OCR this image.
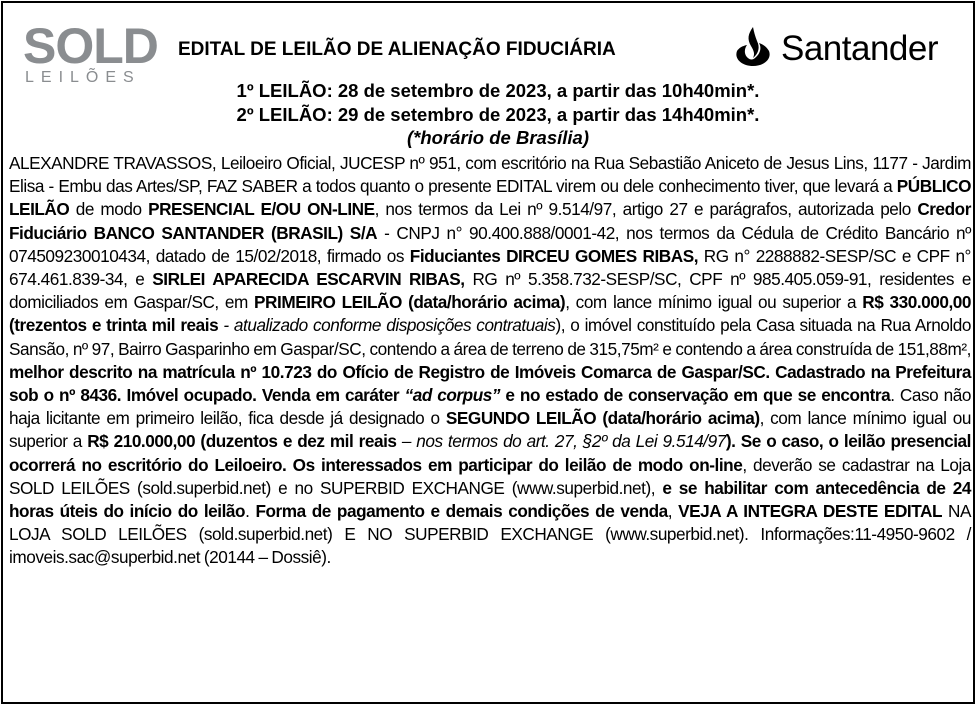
SOLD
LEILÕES
EDITAL DE LEILÃO DE ALIENAÇÃO FIDUCIÁRIA	Santander
1º LEILÃO: 28 de setembro de 2023, a partir das 10h40min*.
2º LEILÃO: 29 de setembro de 2023, a partir das 14h40min*.
(*horário de Brasília)
ALEXANDRE TRAVASSOS, Leiloeiro Oficial, JUCESP nº 951, com escritório na Rua Sebastião Aniceto de Jesus Lins, 1177 - Jardim Elisa - Embu das Artes/SP, FAZ SABER a todos quanto o presente EDITAL virem ou dele conhecimento tiver, que levará a PÚBLICO LEILÃO de modo PRESENCIAL E/OU ON-LINE, nos termos da Lei nº 9.514/97, artigo 27 e parágrafos, autorizada pelo Credor Fiduciário BANCO SANTANDER (BRASIL) S/A - CNPJ n° 90.400.888/0001-42, nos termos da Cédula de Crédito Bancário nº 074509230010434, datado de 15/02/2018, firmado os Fiduciantes DIRCEU GOMES RIBAS, RG n° 2288882-SESP/SC e CPF n° 674.461.839-34, e SIRLEI APARECIDA ESCARVIN RIBAS, RG nº 5.358.732-SESP/SC, CPF nº 985.405.059-91, residentes e domiciliados em Gaspar/SC, em PRIMEIRO LEILÃO (data/horário acima), com lance mínimo igual ou superior a R$ 330.000,00 (trezentos e trinta mil reais - atualizado conforme disposições contratuais), o imóvel constituído pela Casa situada na Rua Arnoldo Sansão, nº 97, Bairro Gasparinho em Gaspar/SC, contendo a área de terreno de 315,75m² e contendo a área construída de 151,88m², melhor descrito na matrícula nº 10.723 do Ofício de Registro de Imóveis Comarca de Gaspar/SC. Cadastrado na Prefeitura sob o nº 8436. Imóvel ocupado. Venda em caráter “ad corpus” e no estado de conservação em que se encontra. Caso não haja licitante em primeiro leilão, fica desde já designado o SEGUNDO LEILÃO (data/horário acima), com lance mínimo igual ou superior a R$ 210.000,00 (duzentos e dez mil reais – nos termos do art. 27, §2º da Lei 9.514/97). Se o caso, o leilão presencial ocorrerá no escritório do Leiloeiro. Os interessados em participar do leilão de modo on-line, deverão se cadastrar na Loja SOLD LEILÕES (sold.superbid.net) e no SUPERBID EXCHANGE (www.superbid.net), e se habilitar com antecedência de 24 horas úteis do início do leilão. Forma de pagamento e demais condições de venda, VEJA A INTEGRA DESTE EDITAL NA LOJA SOLD LEILÕES (sold.superbid.net) E NO SUPERBID EXCHANGE (www.superbid.net). Informações:11-4950-9602 / imoveis.sac@superbid.net (20144 – Dossiê).
